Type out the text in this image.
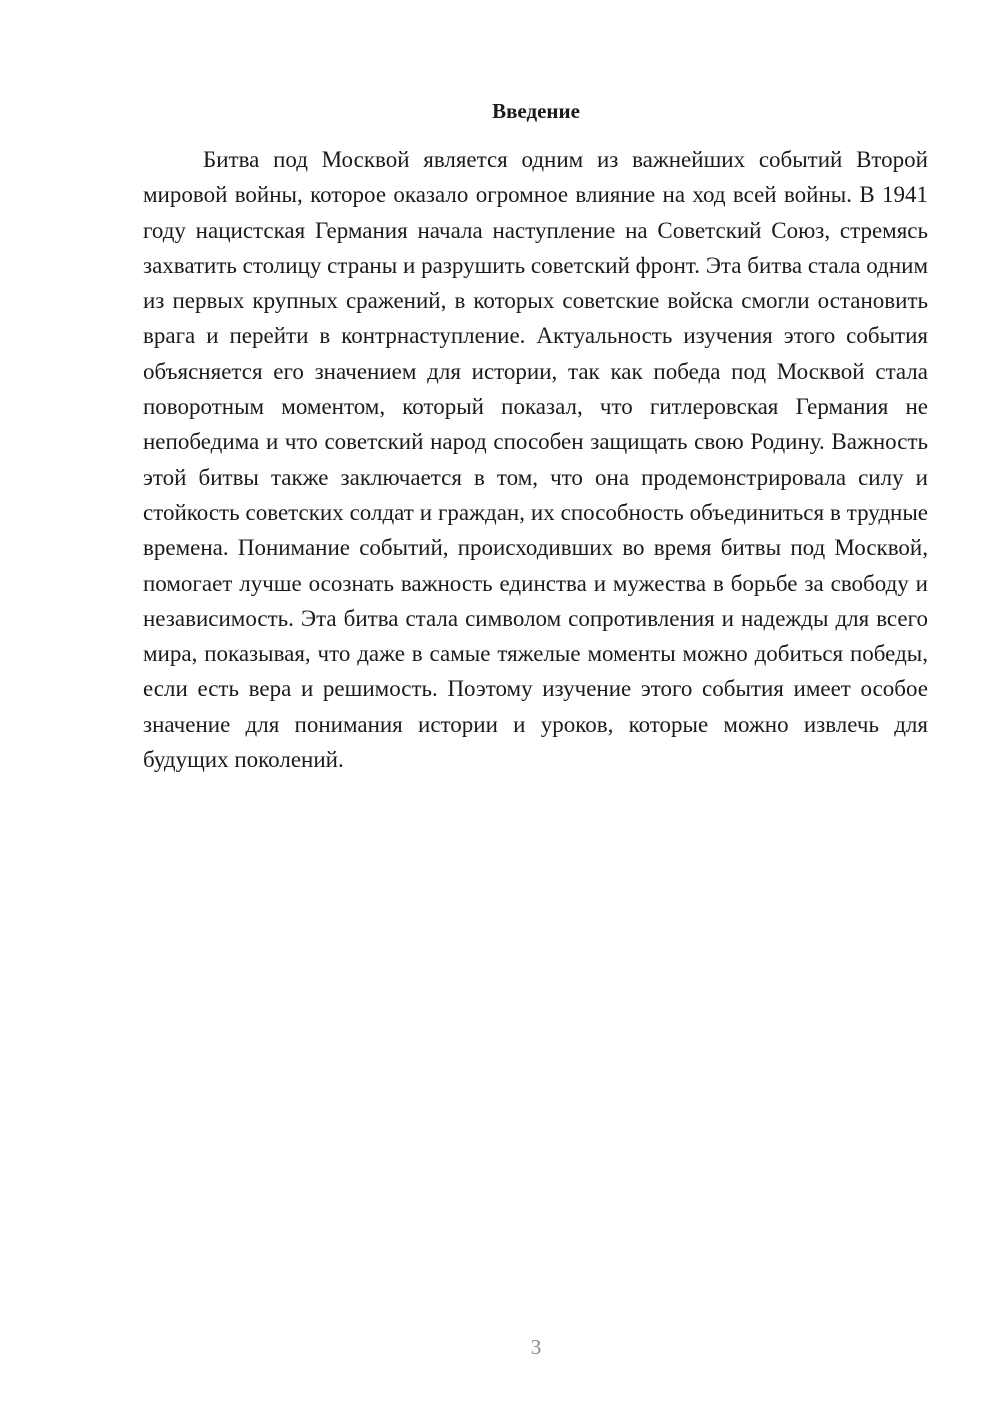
Введение

Битва под Москвой является одним из важнейших событий Второй мировой войны, которое оказало огромное влияние на ход всей войны. В 1941 году нацистская Германия начала наступление на Советский Союз, стремясь захватить столицу страны и разрушить советский фронт. Эта битва стала одним из первых крупных сражений, в которых советские войска смогли остановить врага и перейти в контрнаступление. Актуальность изучения этого события объясняется его значением для истории, так как победа под Москвой стала поворотным моментом, который показал, что гитлеровская Германия не непобедима и что советский народ способен защищать свою Родину. Важность этой битвы также заключается в том, что она продемонстрировала силу и стойкость советских солдат и граждан, их способность объединиться в трудные времена. Понимание событий, происходивших во время битвы под Москвой, помогает лучше осознать важность единства и мужества в борьбе за свободу и независимость. Эта битва стала символом сопротивления и надежды для всего мира, показывая, что даже в самые тяжелые моменты можно добиться победы, если есть вера и решимость. Поэтому изучение этого события имеет особое значение для понимания истории и уроков, которые можно извлечь для будущих поколений.

3
